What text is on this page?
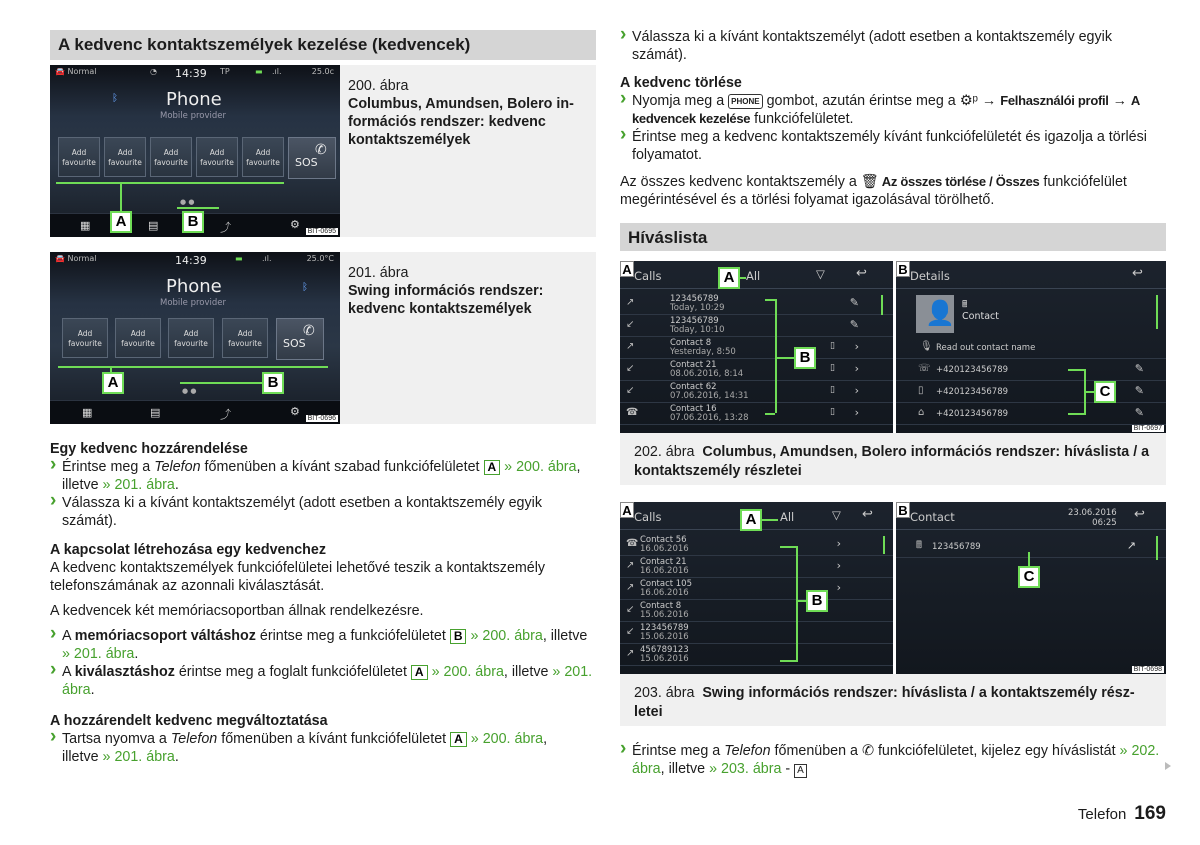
A kedvenc kontaktszemélyek kezelése (kedvencek)
🚘 Normal	◔ 14:39 TP	▬ .ıl.	25.0c
ᛒ	Phone
Mobile provider
Add
favourite
Add
favourite
Add
favourite
Add
favourite
Add
favourite	SOS
✆
● ●
▦	▤	⤴	⚙
A	B
BIT-0695
200. ábra
Columbus, Amundsen, Bolero információs rendszer: kedvenc kontaktszemélyek
🚘 Normal	14:39	▬ .ıl.	25.0°C
Phone
Mobile provider
ᛒ
Add
favourite
Add
favourite
Add
favourite
Add
favourite	SOS
✆
● ●
▦	▤	⤴	⚙
A	B
BIT-0696
201. ábra
Swing információs rendszer: kedvenc kontaktszemélyek
Egy kedvenc hozzárendelése
› Érintse meg a Telefon főmenüben a kívánt szabad funkciófelületet A » 200. ábra, illetve » 201. ábra.
› Válassza ki a kívánt kontaktszemélyt (adott esetben a kontaktszemély egyik számát).
A kapcsolat létrehozása egy kedvenchez
A kedvenc kontaktszemélyek funkciófelületei lehetővé teszik a kontaktszemély telefonszámának az azonnali kiválasztását.
A kedvencek két memóriacsoportban állnak rendelkezésre.
› A memóriacsoport váltáshoz érintse meg a funkciófelületet B » 200. ábra, illetve » 201. ábra.
› A kiválasztáshoz érintse meg a foglalt funkciófelületet A » 200. ábra, illetve » 201. ábra.
A hozzárendelt kedvenc megváltoztatása
› Tartsa nyomva a Telefon főmenüben a kívánt funkciófelületet A » 200. ábra,
illetve » 201. ábra.
› Válassza ki a kívánt kontaktszemélyt (adott esetben a kontaktszemély egyik számát).
A kedvenc törlése
› Nyomja meg a PHONE gombot, azután érintse meg a ⚙ᵖ → Felhasználói profil → A kedvencek kezelése funkciófelületet.
› Érintse meg a kedvenc kontaktszemély kívánt funkciófelületét és igazolja a törlési folyamatot.
Az összes kedvenc kontaktszemély a 🗑 Az összes törlése / Összes funkciófelület megérintésével és a törlési folyamat igazolásával törölhető.
Híváslista
Calls	All	▽ ↩
A	A
↗	123456789
Today, 10:29	✎
↙	123456789
Today, 10:10	✎
↗	Contact 8
Yesterday, 8:50
▯ ›
↙	Contact 21
08.06.2016, 8:14
▯ ›
↙	Contact 62
07.06.2016, 14:31
▯ ›
☎	Contact 16
07.06.2016, 13:28
▯ ›
B
Details	↩
B
👤 🖩
Contact
🎙 Read out contact name
☏ +420123456789	✎
▯ +420123456789	✎
⌂ +420123456789	✎
C
BIT-0697
202. ábra Columbus, Amundsen, Bolero információs rendszer: híváslista / a kontaktszemély részletei
Calls	All	▽ ↩
A
A
☎ Contact 56
16.06.2016	›
↗ Contact 21
16.06.2016	›
↗ Contact 105
16.06.2016	›
↙ Contact 8
15.06.2016
↙ 123456789
15.06.2016
↗ 456789123
15.06.2016
B
Contact	23.06.2016
06:25
↩
B
🖩 123456789	↗
C
BIT-0698
203. ábra Swing információs rendszer: híváslista / a kontaktszemély részletei
› Érintse meg a Telefon főmenüben a ✆ funkciófelületet, kijelez egy híváslistát » 202. ábra, illetve » 203. ábra - A
Telefon 169
